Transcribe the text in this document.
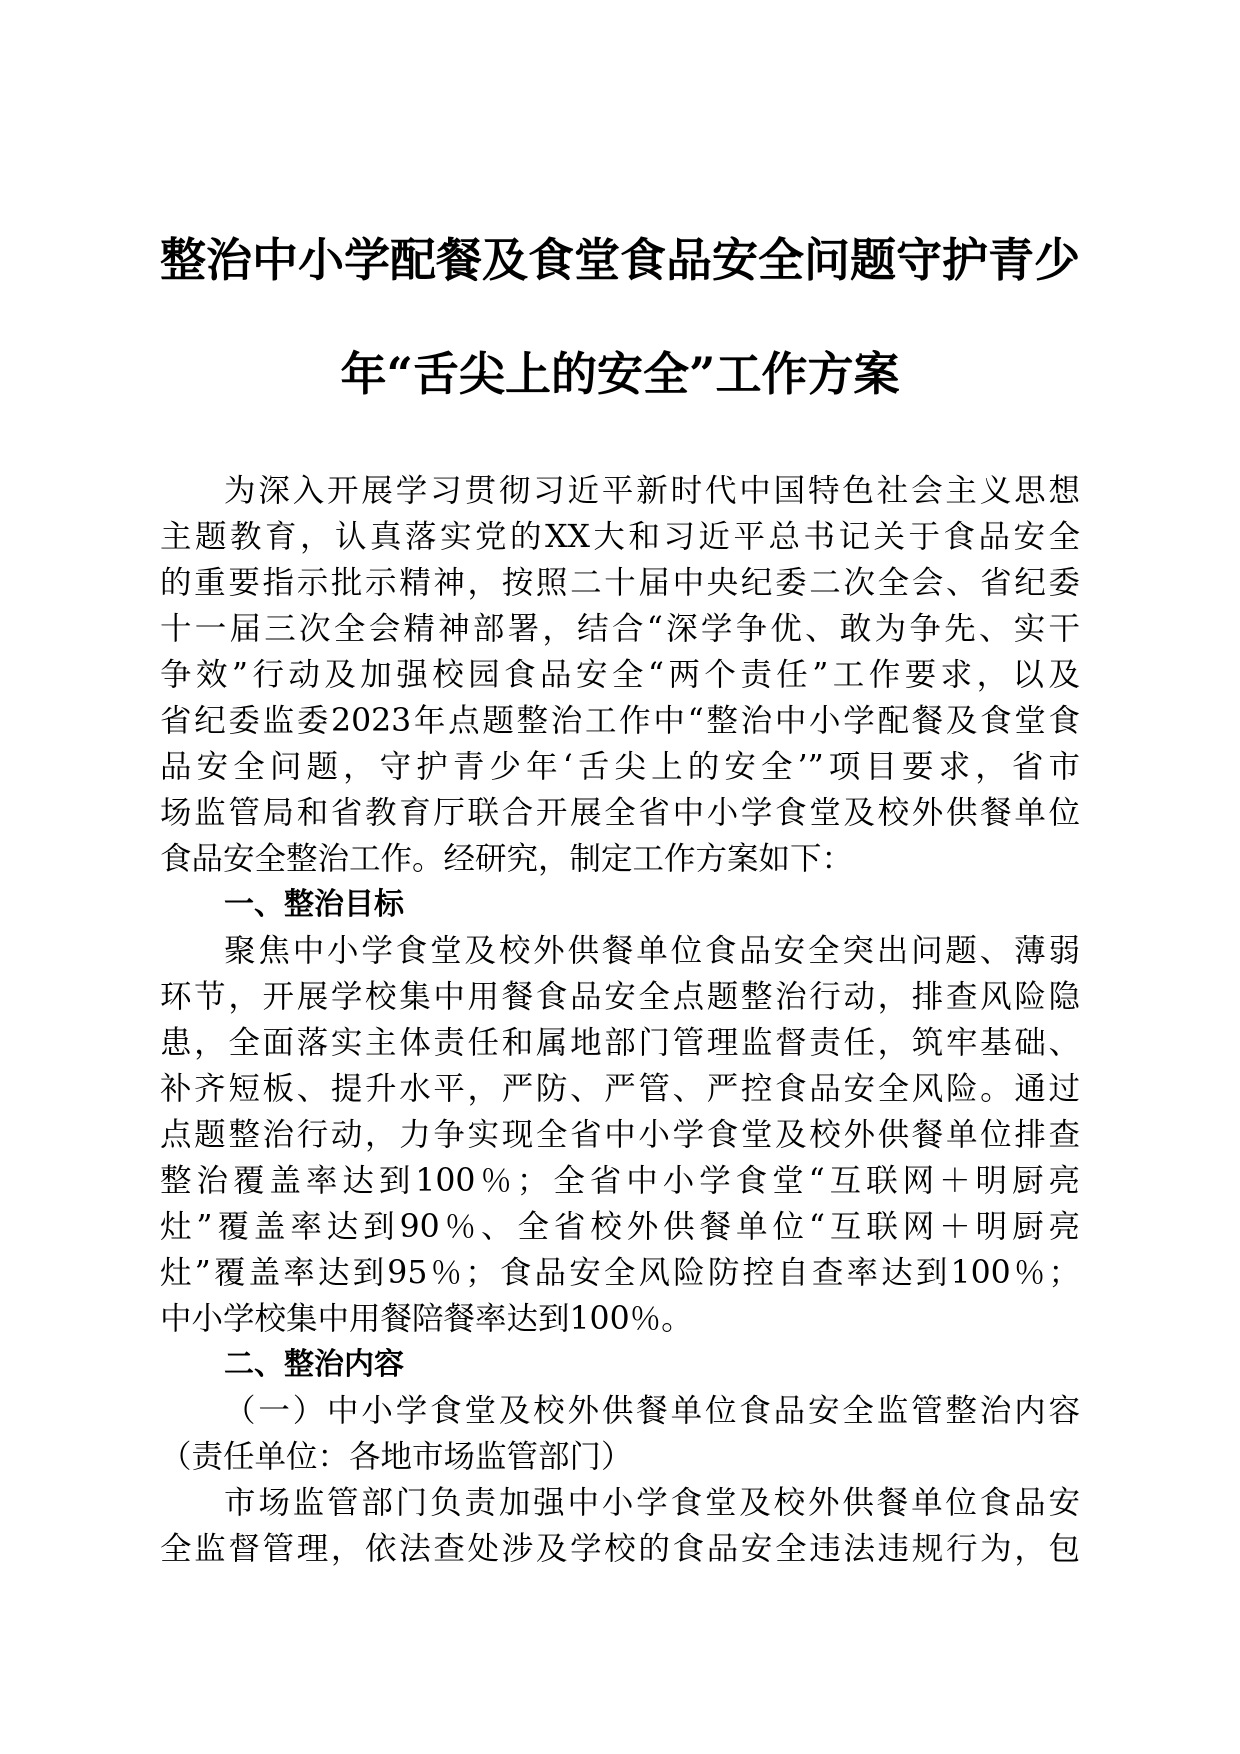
整治中小学配餐及食堂食品安全问题守护青少
年“舌尖上的安全”工作方案
为深入开展学习贯彻习近平新时代中国特色社会主义思想
主题教育，认真落实党的XX大和习近平总书记关于食品安全
的重要指示批示精神，按照二十届中央纪委二次全会、省纪委
十一届三次全会精神部署，结合“深学争优、敢为争先、实干
争效”行动及加强校园食品安全“两个责任”工作要求，以及
省纪委监委2023年点题整治工作中“整治中小学配餐及食堂食
品安全问题，守护青少年‘舌尖上的安全’”项目要求，省市
场监管局和省教育厅联合开展全省中小学食堂及校外供餐单位
食品安全整治工作。经研究，制定工作方案如下：
一、整治目标
聚焦中小学食堂及校外供餐单位食品安全突出问题、薄弱
环节，开展学校集中用餐食品安全点题整治行动，排查风险隐
患，全面落实主体责任和属地部门管理监督责任，筑牢基础、
补齐短板、提升水平，严防、严管、严控食品安全风险。通过
点题整治行动，力争实现全省中小学食堂及校外供餐单位排查
整治覆盖率达到100％；全省中小学食堂“互联网＋明厨亮
灶”覆盖率达到90％、全省校外供餐单位“互联网＋明厨亮
灶”覆盖率达到95％；食品安全风险防控自查率达到100％；
中小学校集中用餐陪餐率达到100％。
二、整治内容
（一）中小学食堂及校外供餐单位食品安全监管整治内容
（责任单位：各地市场监管部门）
市场监管部门负责加强中小学食堂及校外供餐单位食品安
全监督管理，依法查处涉及学校的食品安全违法违规行为，包
